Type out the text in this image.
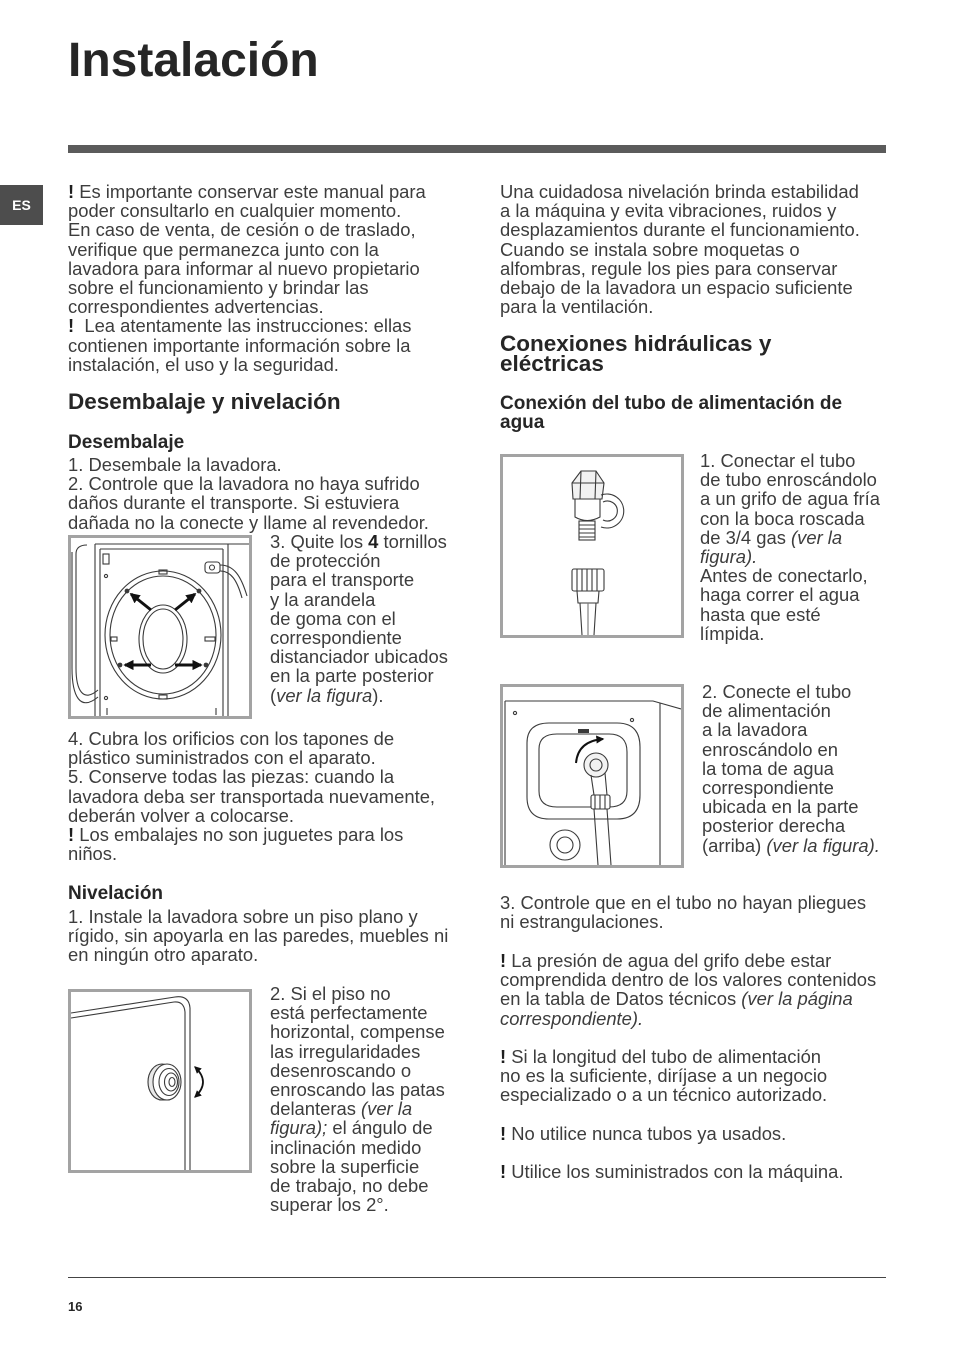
Instalación
ES
! Es importante conservar este manual para
poder consultarlo en cualquier momento.
En caso de venta, de cesión o de traslado,
verifique que permanezca junto con la
lavadora para informar al nuevo propietario
sobre el funcionamiento y brindar las
correspondientes advertencias.
!  Lea atentamente las instrucciones: ellas
contienen importante información sobre la
instalación, el uso y la seguridad.
Desembalaje y nivelación
Desembalaje
1. Desembale la lavadora.
2. Controle que la lavadora no haya sufrido
daños durante el transporte. Si estuviera
dañada no la conecte y llame al revendedor.
3. Quite los 4 tornillos
de protección
para el transporte
y la arandela
de goma con el
correspondiente
distanciador ubicados
en la parte posterior
(ver la figura).
4. Cubra los orificios con los tapones de
plástico suministrados con el aparato.
5. Conserve todas las piezas: cuando la
lavadora deba ser transportada nuevamente,
deberán volver a colocarse.
! Los embalajes no son juguetes para los
niños.
Nivelación
1. Instale la lavadora sobre un piso plano y
rígido, sin apoyarla en las paredes, muebles ni
en ningún otro aparato.
2. Si el piso no
está perfectamente
horizontal, compense
las irregularidades
desenroscando o
enroscando las patas
delanteras (ver la
figura); el ángulo de
inclinación medido
sobre la superficie
de trabajo, no debe
superar los 2°.
Una cuidadosa nivelación brinda estabilidad
a la máquina y evita vibraciones, ruidos y
desplazamientos durante el funcionamiento.
Cuando se instala sobre moquetas o
alfombras, regule los pies para conservar
debajo de la lavadora un espacio suficiente
para la ventilación.
Conexiones hidráulicas y
eléctricas
Conexión del tubo de alimentación de
agua
1. Conectar el tubo
de tubo enroscándolo
a un grifo de agua fría
con la boca roscada
de 3/4 gas (ver la
figura).
Antes de conectarlo,
haga correr el agua
hasta que esté
límpida.
2. Conecte el tubo
de alimentación
a la lavadora
enroscándolo en
la toma de agua
correspondiente
ubicada en la parte
posterior derecha
(arriba) (ver la figura).
3. Controle que en el tubo no hayan pliegues
ni estrangulaciones.
! La presión de agua del grifo debe estar
comprendida dentro de los valores contenidos
en la tabla de Datos técnicos (ver la página
correspondiente).
! Si la longitud del tubo de alimentación
no es la suficiente, diríjase a un negocio
especializado o a un técnico autorizado.
! No utilice nunca tubos ya usados.
! Utilice los suministrados con la máquina.
16
